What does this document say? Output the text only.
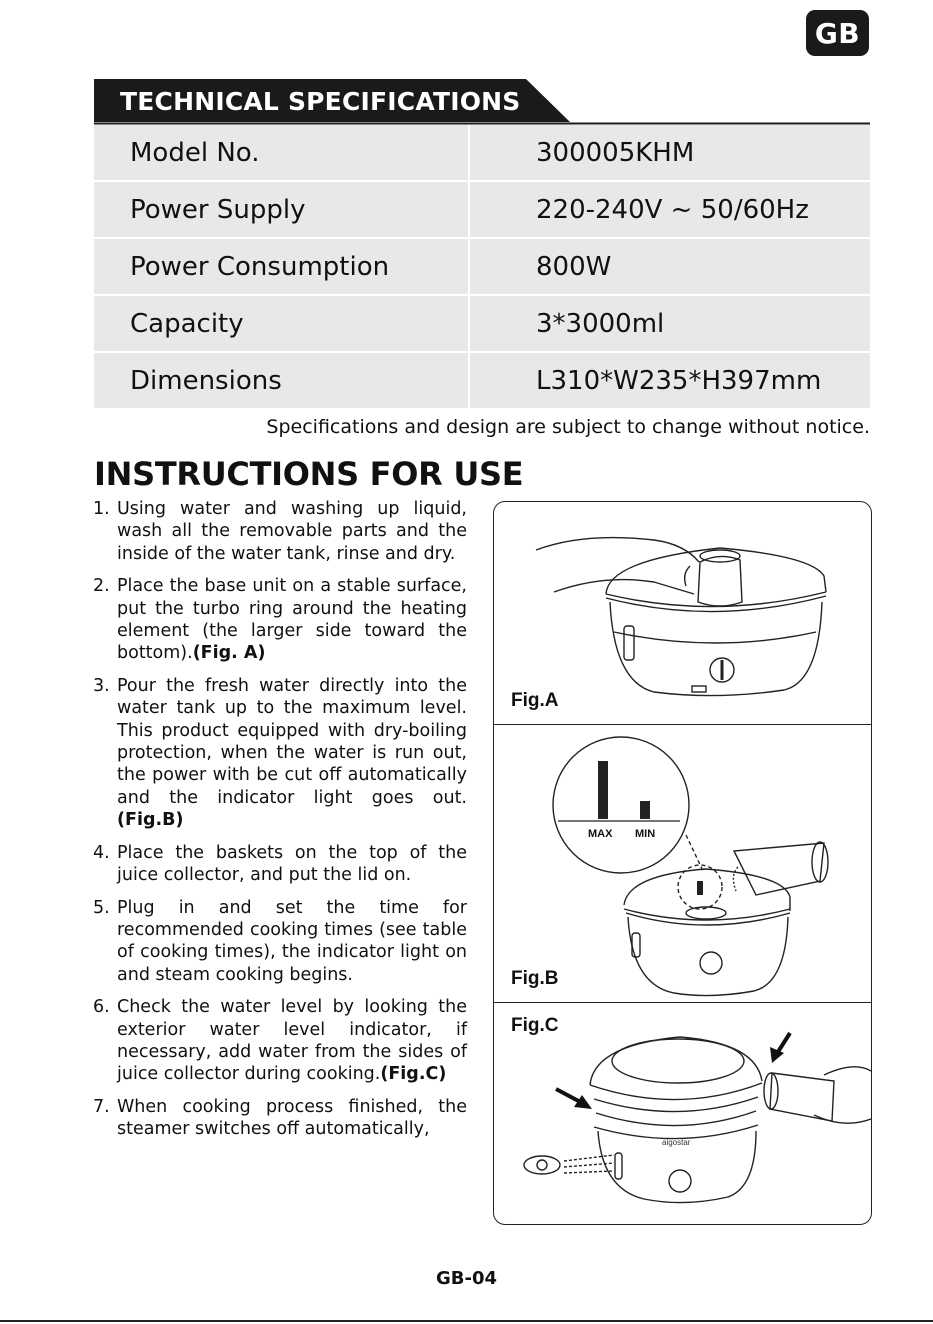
GB
TECHNICAL SPECIFICATIONS
Model No.	300005KHM
Power Supply	220-240V ~ 50/60Hz
Power Consumption	800W
Capacity	3*3000ml
Dimensions	L310*W235*H397mm
Specifications and design are subject to change without notice.
INSTRUCTIONS FOR USE
1. Using water and washing up liquid, wash all the removable parts and the inside of the water tank, rinse and dry.
2. Place the base unit on a stable surface, put the turbo ring around the heating element (the larger side toward the bottom).(Fig. A)
3. Pour the fresh water directly into the water tank up to the maximum level. This product equipped with dry-boiling protection, when the water is run out, the power with be cut off automatically and the indicator light goes out. (Fig.B)
4. Place the baskets on the top of the juice collector, and put the lid on.
5. Plug in and set the time for recommended cooking times (see table of cooking times), the indicator light on and steam cooking begins.
6. Check the water level by looking the exterior water level indicator, if necessary, add water from the sides of juice collector during cooking.(Fig.C)
7. When cooking process finished, the steamer switches off automatically,
Fig.A
MAX MIN
Fig.B
Fig.C
aigostar
GB-04
